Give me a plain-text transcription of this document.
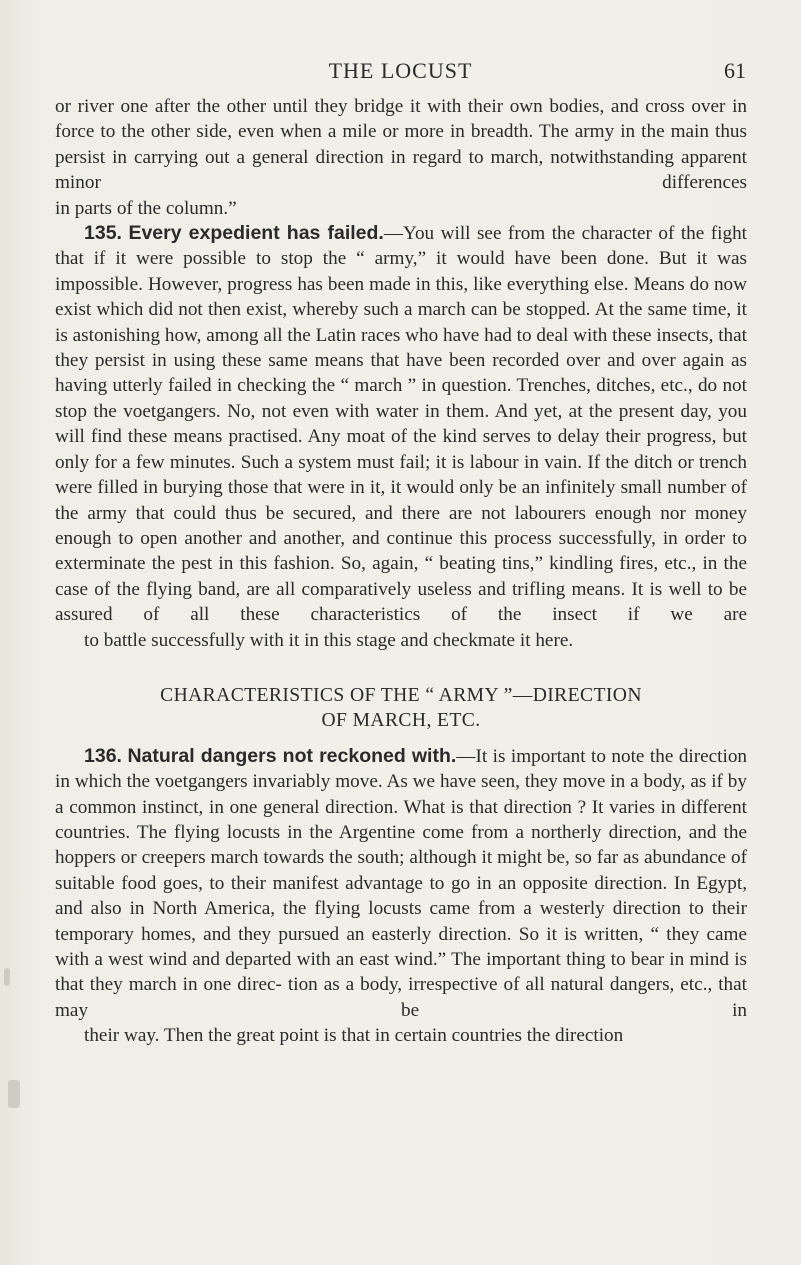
THE LOCUST	61

or river one after the other until they bridge it with their own bodies, and cross over in force to the other side, even when a mile or more in breadth. The army in the main thus persist in carrying out a general direction in regard to march, notwithstanding apparent minor differences
in parts of the column.”

135. Every expedient has failed.—You will see from the character of the fight that if it were possible to stop the “ army,” it would have been done. But it was impossible. However, progress has been made in this, like everything else. Means do now exist which did not then exist, whereby such a march can be stopped. At the same time, it is astonishing how, among all the Latin races who have had to deal with these insects, that they persist in using these same means that have been recorded over and over again as having utterly failed in checking the “ march ” in question. Trenches, ditches, etc., do not stop the voetgangers. No, not even with water in them. And yet, at the present day, you will find these means practised. Any moat of the kind serves to delay their progress, but only for a few minutes. Such a system must fail; it is labour in vain. If the ditch or trench were filled in burying those that were in it, it would only be an infinitely small number of the army that could thus be secured, and there are not labourers enough nor money enough to open another and another, and continue this process successfully, in order to exterminate the pest in this fashion. So, again, “ beating tins,” kindling fires, etc., in the case of the flying band, are all comparatively useless and trifling means. It is well to be assured of all these characteristics of the insect if we are
to battle successfully with it in this stage and checkmate it here.

CHARACTERISTICS OF THE “ ARMY ”—DIRECTION
OF MARCH, ETC.

136. Natural dangers not reckoned with.—It is important to note the direction in which the voetgangers invariably move. As we have seen, they move in a body, as if by a common instinct, in one general direction. What is that direction ? It varies in different countries. The flying locusts in the Argentine come from a northerly direction, and the hoppers or creepers march towards the south; although it might be, so far as abundance of suitable food goes, to their manifest advantage to go in an opposite direction. In Egypt, and also in North America, the flying locusts came from a westerly direction to their temporary homes, and they pursued an easterly direction. So it is written, “ they came with a west wind and departed with an east wind.” The important thing to bear in mind is that they march in one direc- tion as a body, irrespective of all natural dangers, etc., that may be in
their way. Then the great point is that in certain countries the direction
